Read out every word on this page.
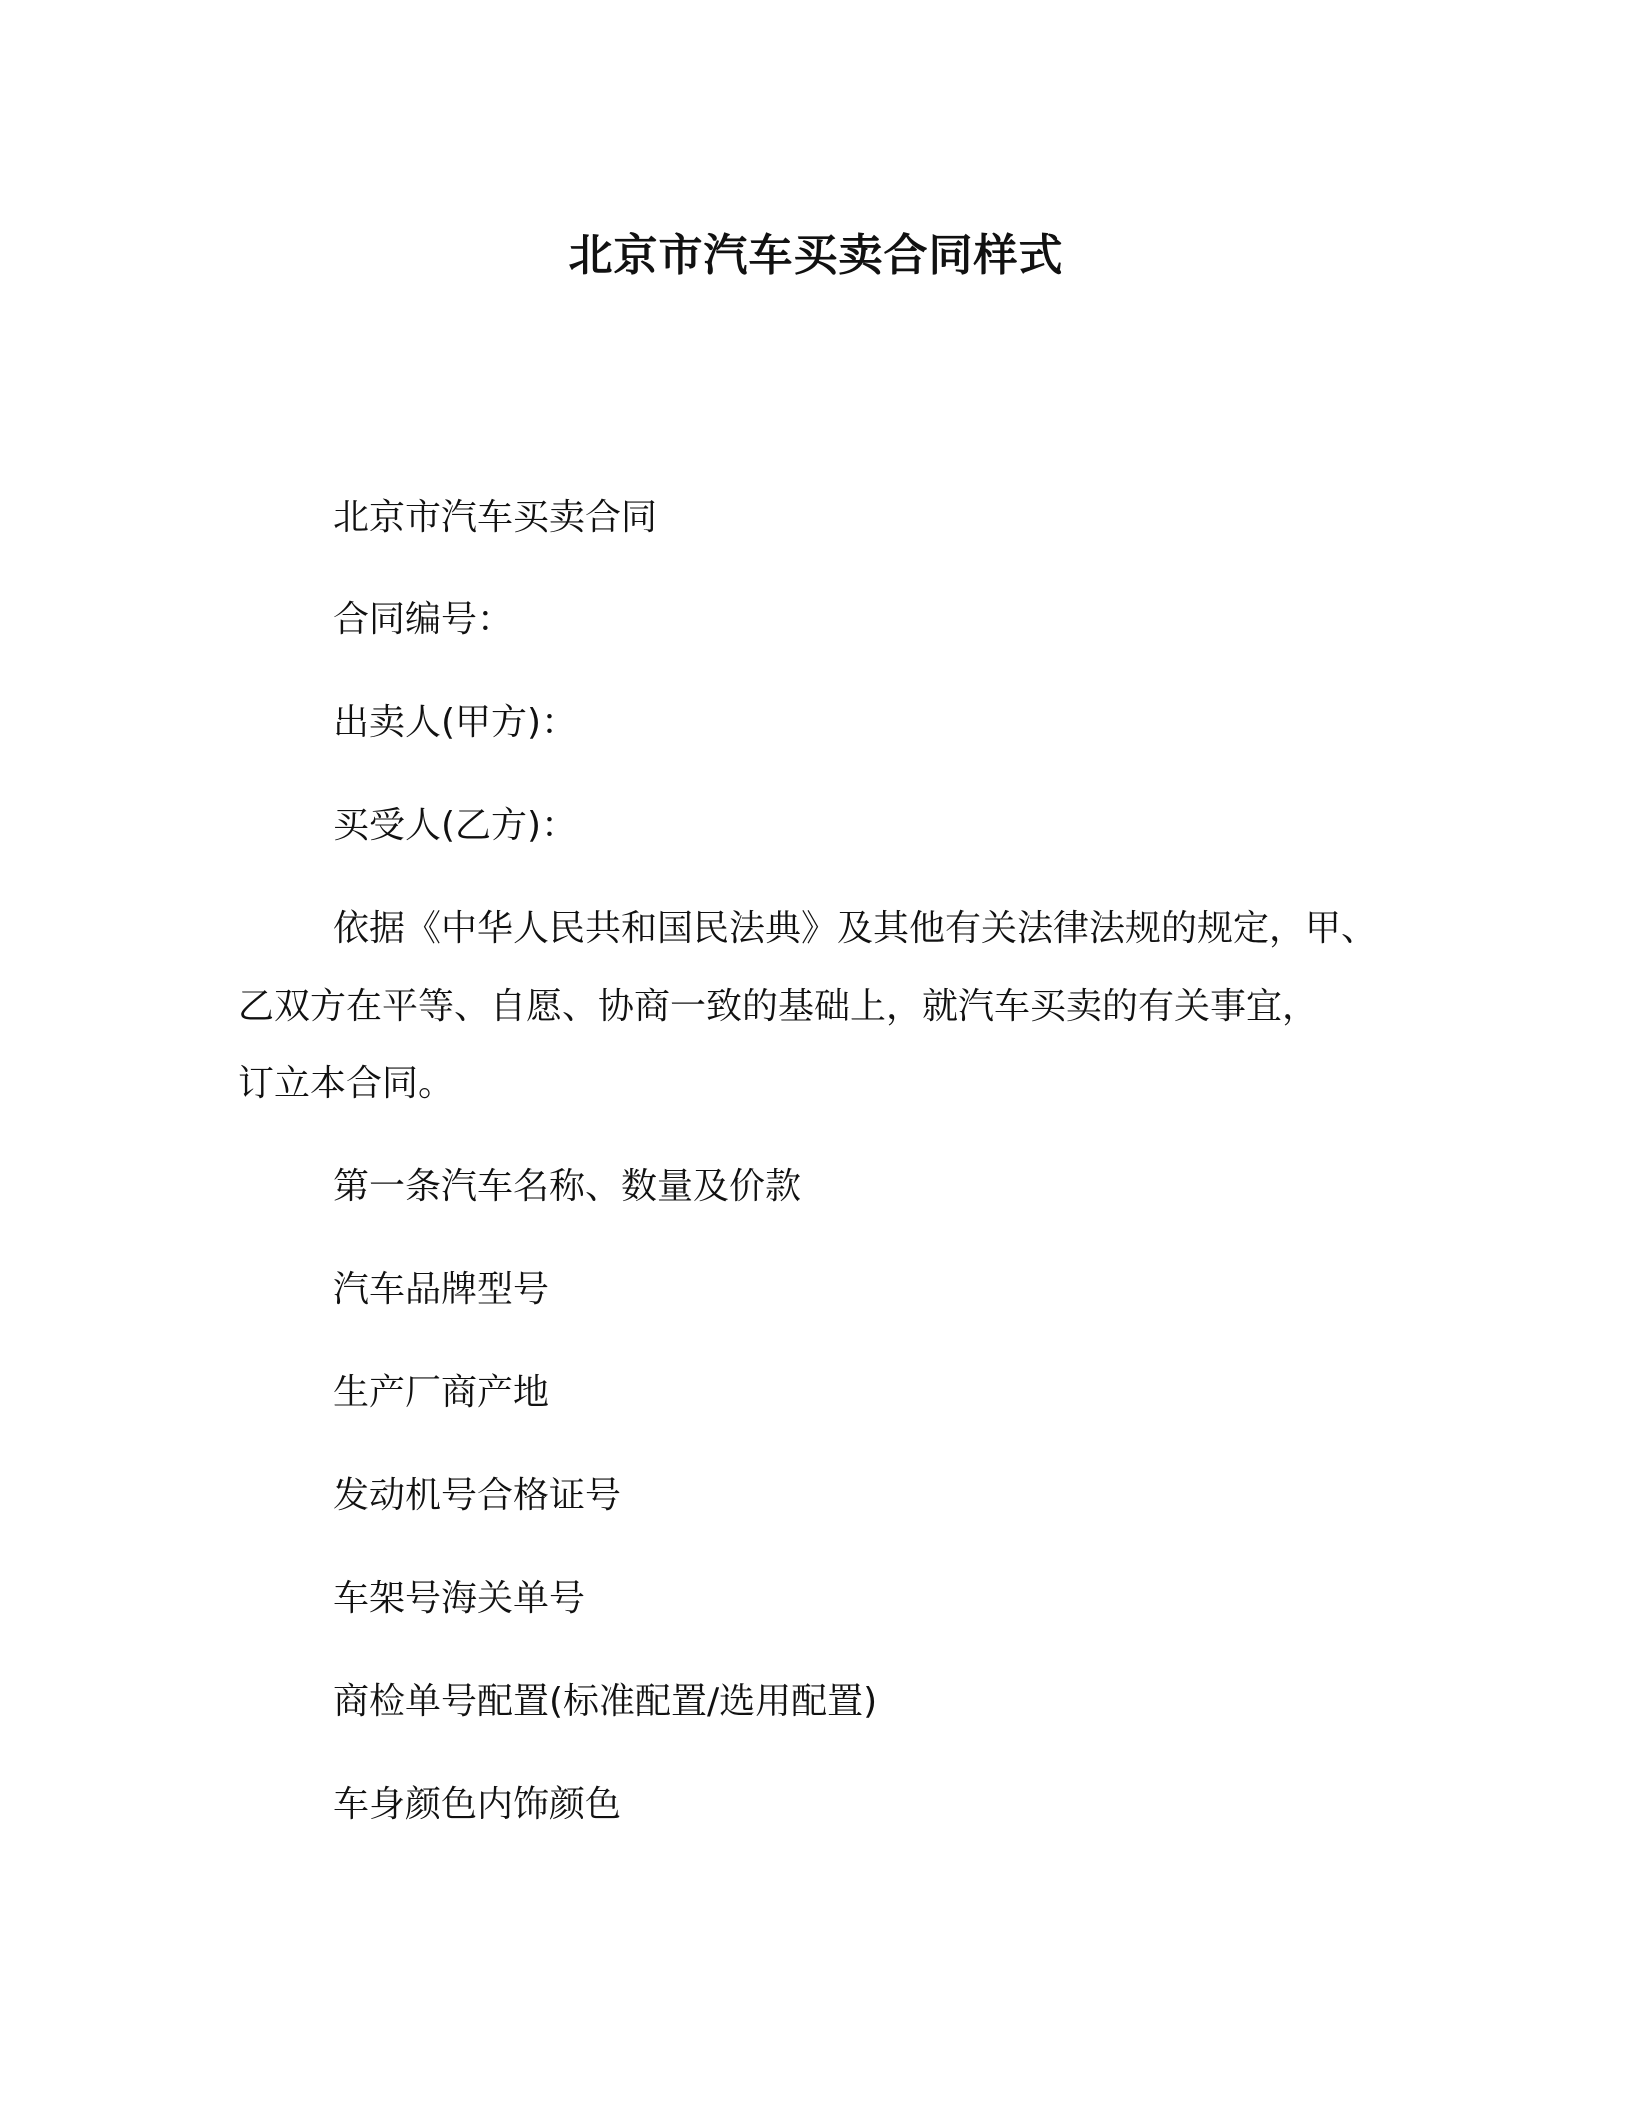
北京市汽车买卖合同样式

北京市汽车买卖合同

合同编号：

出卖人(甲方)：

买受人(乙方)：

依据《中华人民共和国民法典》及其他有关法律法规的规定，甲、

乙双方在平等、自愿、协商一致的基础上，就汽车买卖的有关事宜，

订立本合同。

第一条汽车名称、数量及价款

汽车品牌型号

生产厂商产地

发动机号合格证号

车架号海关单号

商检单号配置(标准配置/选用配置)

车身颜色内饰颜色
